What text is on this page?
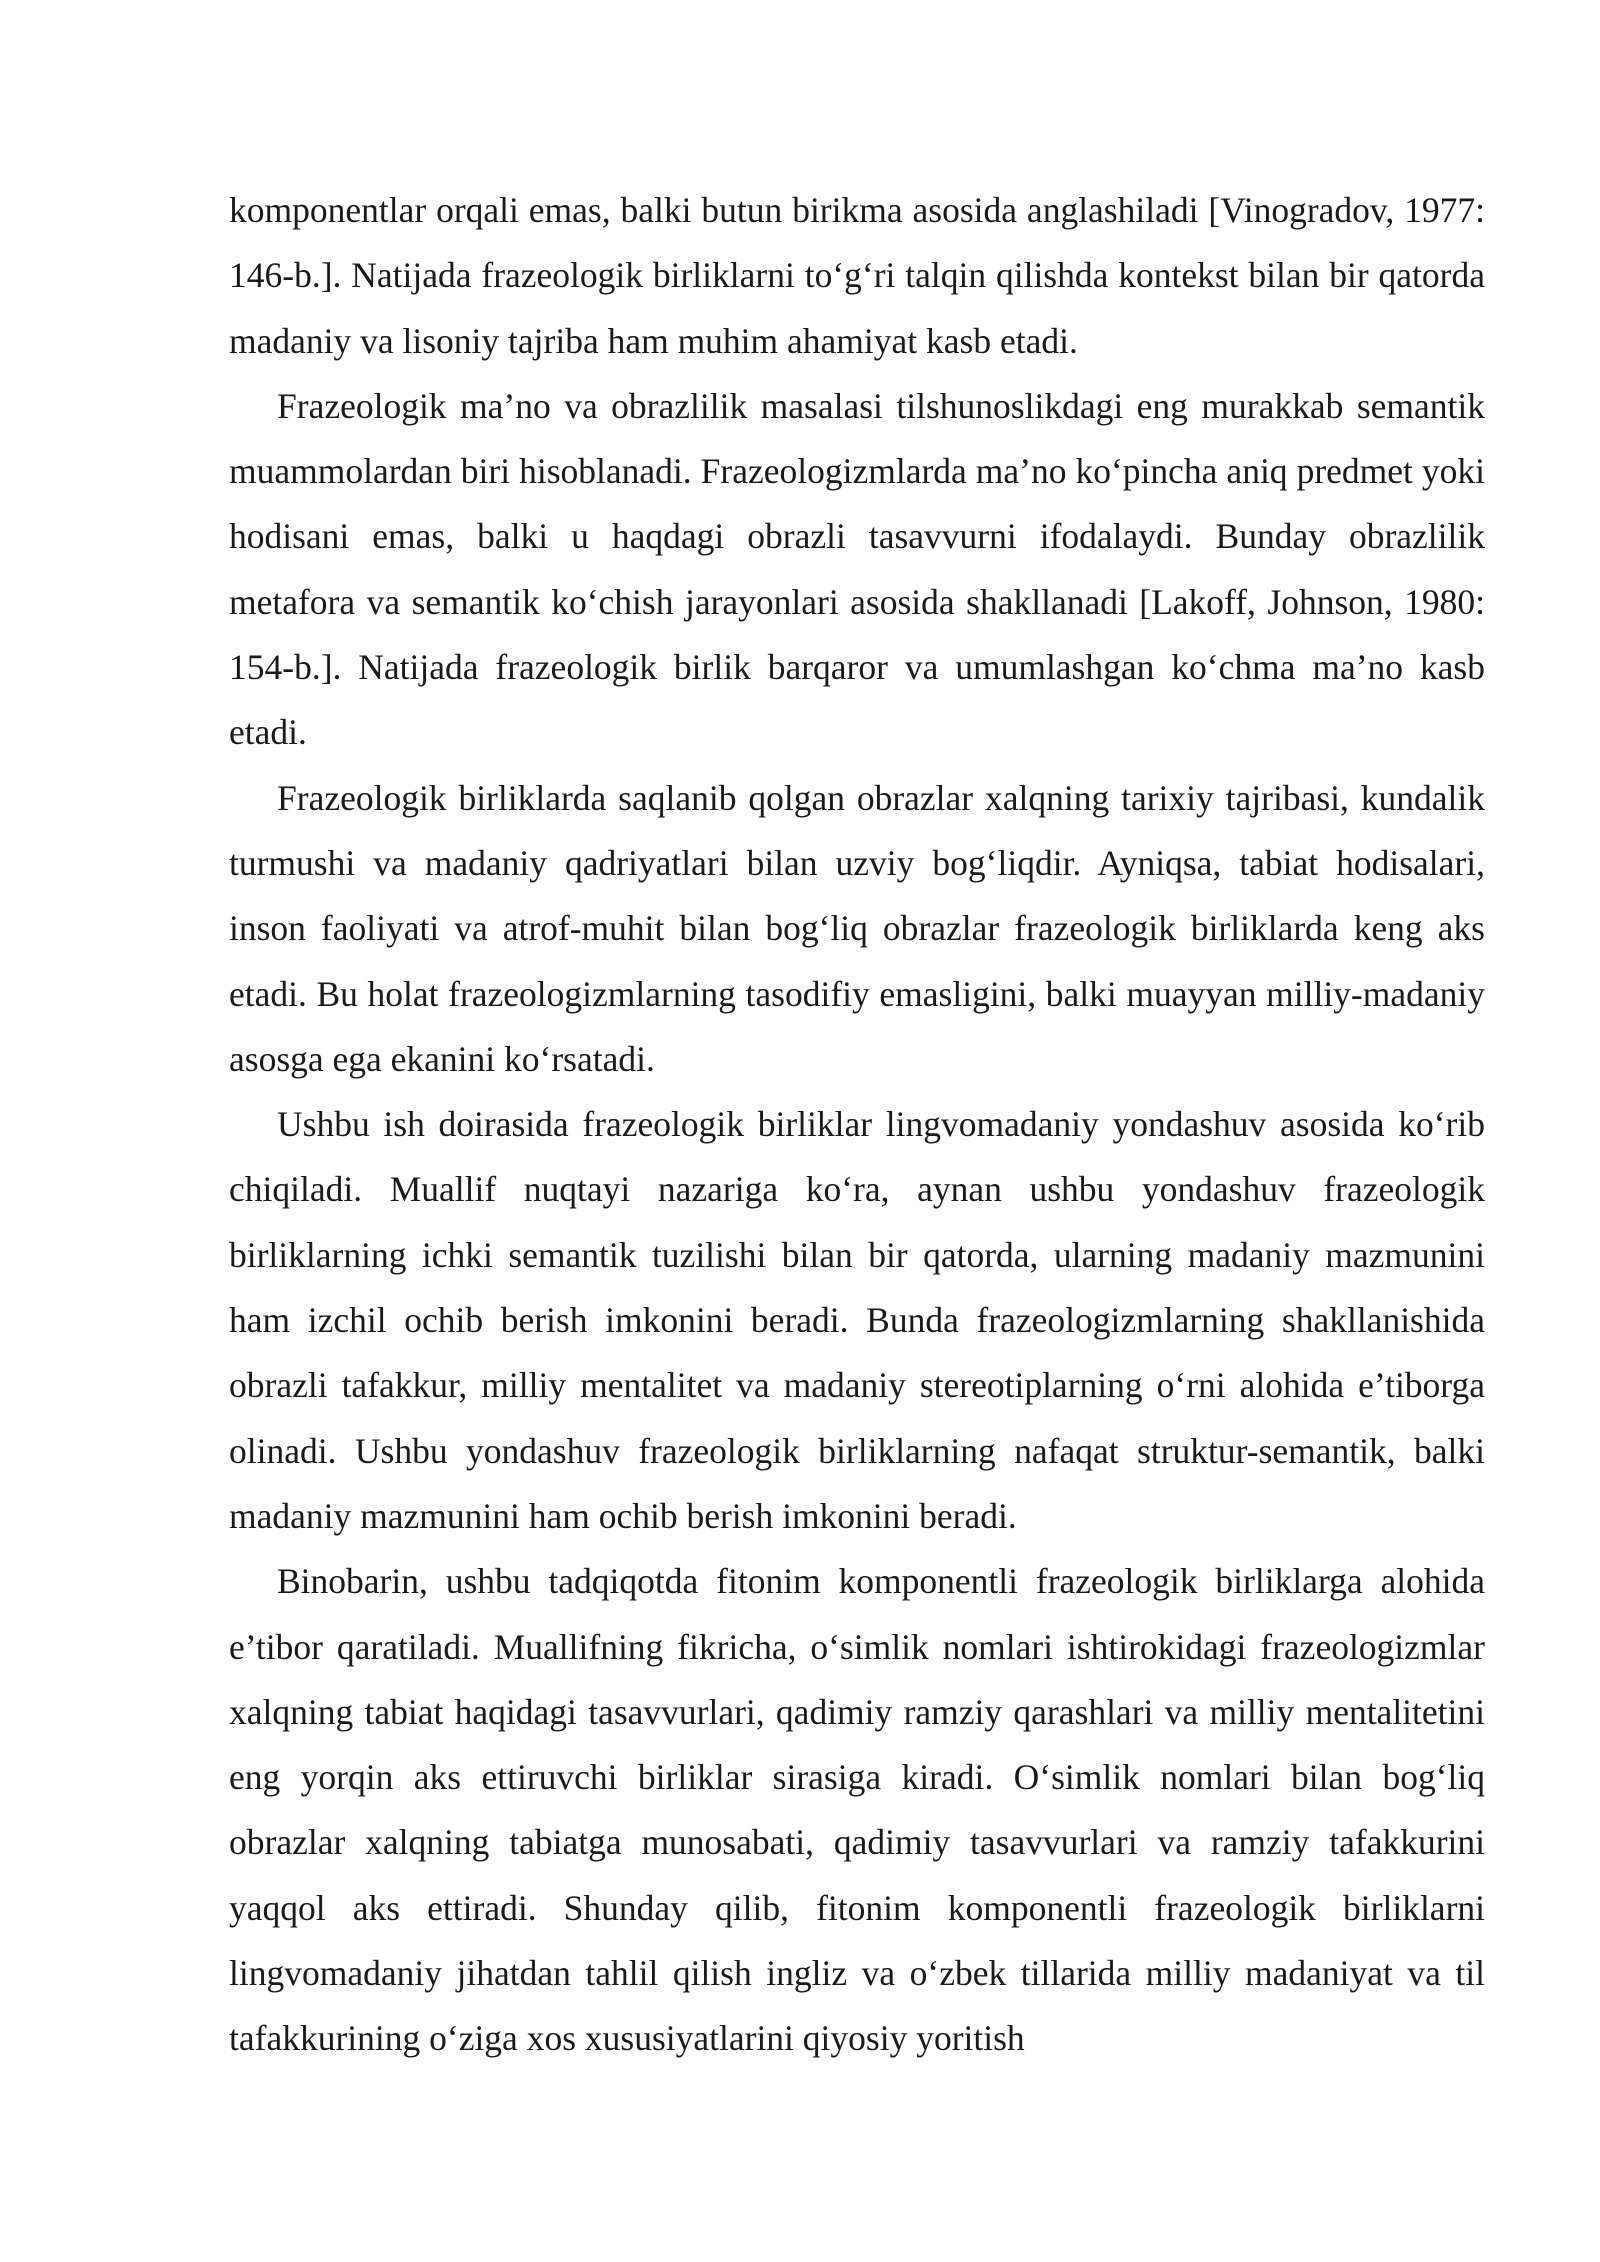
komponentlar orqali emas, balki butun birikma asosida anglashiladi [Vinogradov, 1977: 146-b.]. Natijada frazeologik birliklarni to‘g‘ri talqin qilishda kontekst bilan bir qatorda madaniy va lisoniy tajriba ham muhim ahamiyat kasb etadi.

Frazeologik ma’no va obrazlilik masalasi tilshunoslikdagi eng murakkab semantik muammolardan biri hisoblanadi. Frazeologizmlarda ma’no ko‘pincha aniq predmet yoki hodisani emas, balki u haqdagi obrazli tasavvurni ifodalaydi. Bunday obrazlilik metafora va semantik ko‘chish jarayonlari asosida shakllanadi [Lakoff, Johnson, 1980: 154-b.]. Natijada frazeologik birlik barqaror va umumlashgan ko‘chma ma’no kasb etadi.

Frazeologik birliklarda saqlanib qolgan obrazlar xalqning tarixiy tajribasi, kundalik turmushi va madaniy qadriyatlari bilan uzviy bog‘liqdir. Ayniqsa, tabiat hodisalari, inson faoliyati va atrof-muhit bilan bog‘liq obrazlar frazeologik birliklarda keng aks etadi. Bu holat frazeologizmlarning tasodifiy emasligini, balki muayyan milliy-madaniy asosga ega ekanini ko‘rsatadi.

Ushbu ish doirasida frazeologik birliklar lingvomadaniy yondashuv asosida ko‘rib chiqiladi. Muallif nuqtayi nazariga ko‘ra, aynan ushbu yondashuv frazeologik birliklarning ichki semantik tuzilishi bilan bir qatorda, ularning madaniy mazmunini ham izchil ochib berish imkonini beradi. Bunda frazeologizmlarning shakllanishida obrazli tafakkur, milliy mentalitet va madaniy stereotiplarning o‘rni alohida e’tiborga olinadi. Ushbu yondashuv frazeologik birliklarning nafaqat struktur-semantik, balki madaniy mazmunini ham ochib berish imkonini beradi.

Binobarin, ushbu tadqiqotda fitonim komponentli frazeologik birliklarga alohida e’tibor qaratiladi. Muallifning fikricha, o‘simlik nomlari ishtirokidagi frazeologizmlar xalqning tabiat haqidagi tasavvurlari, qadimiy ramziy qarashlari va milliy mentalitetini eng yorqin aks ettiruvchi birliklar sirasiga kiradi. O‘simlik nomlari bilan bog‘liq obrazlar xalqning tabiatga munosabati, qadimiy tasavvurlari va ramziy tafakkurini yaqqol aks ettiradi. Shunday qilib, fitonim komponentli frazeologik birliklarni lingvomadaniy jihatdan tahlil qilish ingliz va o‘zbek tillarida milliy madaniyat va til tafakkurining o‘ziga xos xususiyatlarini qiyosiy yoritish
